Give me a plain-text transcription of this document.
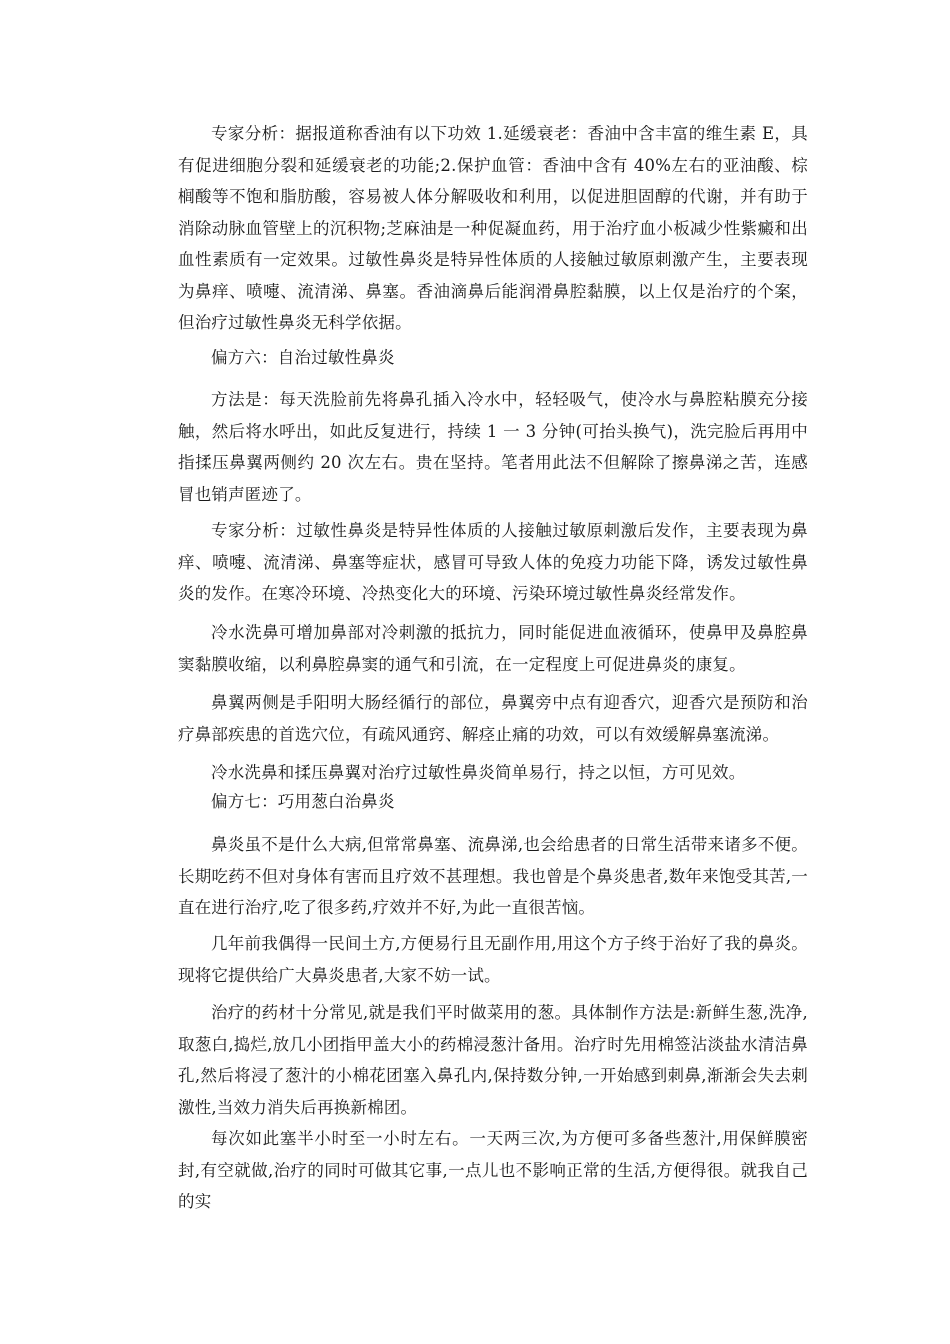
专家分析：据报道称香油有以下功效 1.延缓衰老：香油中含丰富的维生素 E，具有促进细胞分裂和延缓衰老的功能;2.保护血管：香油中含有 40%左右的亚油酸、棕榈酸等不饱和脂肪酸，容易被人体分解吸收和利用，以促进胆固醇的代谢，并有助于消除动脉血管壁上的沉积物;芝麻油是一种促凝血药，用于治疗血小板减少性紫癜和出血性素质有一定效果。过敏性鼻炎是特异性体质的人接触过敏原刺激产生，主要表现为鼻痒、喷嚏、流清涕、鼻塞。香油滴鼻后能润滑鼻腔黏膜，以上仅是治疗的个案，但治疗过敏性鼻炎无科学依据。

偏方六：自治过敏性鼻炎

方法是：每天洗脸前先将鼻孔插入冷水中，轻轻吸气，使冷水与鼻腔粘膜充分接触，然后将水呼出，如此反复进行，持续 1 一 3 分钟(可抬头换气)，洗完脸后再用中指揉压鼻翼两侧约 20 次左右。贵在坚持。笔者用此法不但解除了擦鼻涕之苦，连感冒也销声匿迹了。

专家分析：过敏性鼻炎是特异性体质的人接触过敏原刺激后发作，主要表现为鼻痒、喷嚏、流清涕、鼻塞等症状，感冒可导致人体的免疫力功能下降，诱发过敏性鼻炎的发作。在寒冷环境、冷热变化大的环境、污染环境过敏性鼻炎经常发作。

冷水洗鼻可增加鼻部对冷刺激的抵抗力，同时能促进血液循环，使鼻甲及鼻腔鼻窦黏膜收缩，以利鼻腔鼻窦的通气和引流，在一定程度上可促进鼻炎的康复。

鼻翼两侧是手阳明大肠经循行的部位，鼻翼旁中点有迎香穴，迎香穴是预防和治疗鼻部疾患的首选穴位，有疏风通窍、解痉止痛的功效，可以有效缓解鼻塞流涕。

冷水洗鼻和揉压鼻翼对治疗过敏性鼻炎简单易行，持之以恒，方可见效。

偏方七：巧用葱白治鼻炎

鼻炎虽不是什么大病,但常常鼻塞、流鼻涕,也会给患者的日常生活带来诸多不便。长期吃药不但对身体有害而且疗效不甚理想。我也曾是个鼻炎患者,数年来饱受其苦,一直在进行治疗,吃了很多药,疗效并不好,为此一直很苦恼。

几年前我偶得一民间土方,方便易行且无副作用,用这个方子终于治好了我的鼻炎。现将它提供给广大鼻炎患者,大家不妨一试。

治疗的药材十分常见,就是我们平时做菜用的葱。具体制作方法是:新鲜生葱,洗净,取葱白,捣烂,放几小团指甲盖大小的药棉浸葱汁备用。治疗时先用棉签沾淡盐水清洁鼻孔,然后将浸了葱汁的小棉花团塞入鼻孔内,保持数分钟,一开始感到刺鼻,渐渐会失去刺激性,当效力消失后再换新棉团。

每次如此塞半小时至一小时左右。一天两三次,为方便可多备些葱汁,用保鲜膜密封,有空就做,治疗的同时可做其它事,一点儿也不影响正常的生活,方便得很。就我自己的实
